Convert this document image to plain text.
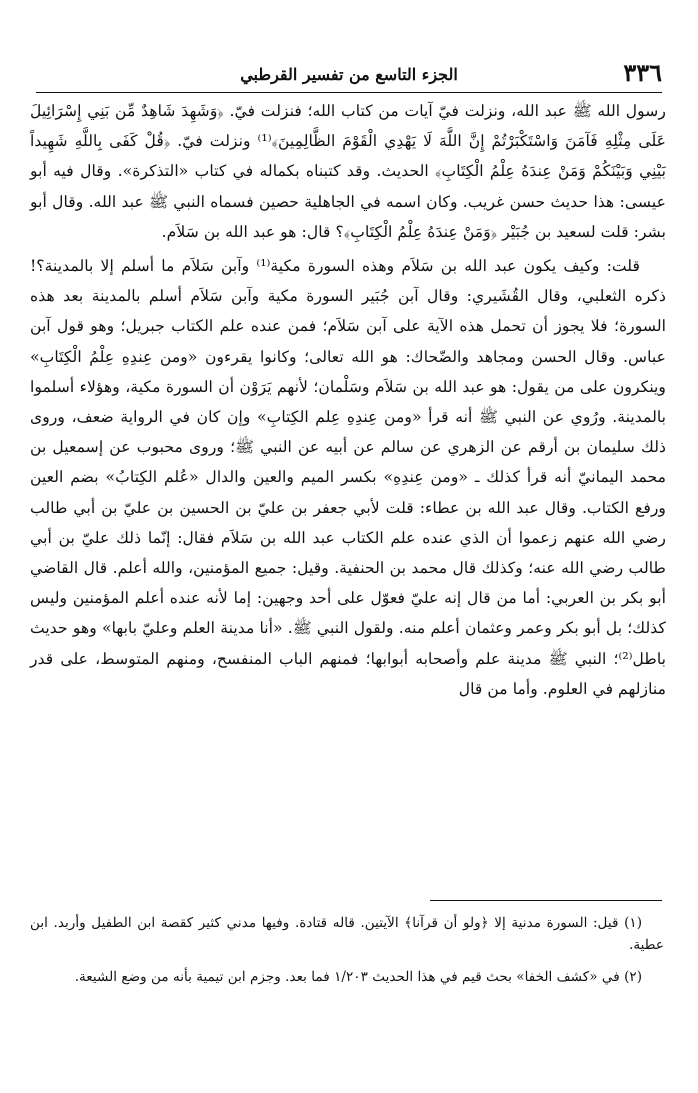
٣٣٦
الجزء التاسع من تفسير القرطبي

رسول الله ﷺ عبد الله، ونزلت فيّ آيات من كتاب الله؛ فنزلت فيّ. ﴿وَشَهِدَ شَاهِدٌ مِّن بَنِي إِسْرَائِيلَ عَلَى مِثْلِهِ فَآمَنَ وَاسْتَكْبَرْتُمْ إِنَّ اللَّهَ لَا يَهْدِي الْقَوْمَ الظَّالِمِينَ﴾⁽¹⁾ ونزلت فيّ. ﴿قُلْ كَفَى بِاللَّهِ شَهِيداً بَيْنِي وَبَيْنَكُمْ وَمَنْ عِندَهُ عِلْمُ الْكِتَابِ﴾ الحديث. وقد كتبناه بكماله في كتاب «التذكرة». وقال فيه أبو عيسى: هذا حديث حسن غريب. وكان اسمه في الجاهلية حصين فسماه النبي ﷺ عبد الله. وقال أبو بشر: قلت لسعيد بن جُبَيْر ﴿وَمَنْ عِندَهُ عِلْمُ الْكِتَابِ﴾؟ قال: هو عبد الله بن سَلاَم.

قلت: وكيف يكون عبد الله بن سَلاَم وهذه السورة مكية⁽¹⁾ وآبن سَلاَم ما أسلم إلا بالمدينة؟! ذكره الثعلبي، وقال القُشَيري: وقال آبن جُبَير السورة مكية وآبن سَلاَم أسلم بالمدينة بعد هذه السورة؛ فلا يجوز أن تحمل هذه الآية على آبن سَلاَم؛ فمن عنده علم الكتاب جبريل؛ وهو قول آبن عباس. وقال الحسن ومجاهد والضّحاك: هو الله تعالى؛ وكانوا يقرءون «ومن عِندِهِ عِلْمُ الْكِتَابِ» وينكرون على من يقول: هو عبد الله بن سَلاَم وسَلْمان؛ لأنهم يَرَوْن أن السورة مكية، وهؤلاء أسلموا بالمدينة. ورُوي عن النبي ﷺ أنه قرأ «ومن عِندِهِ عِلم الكِتابِ» وإن كان في الرواية ضعف، وروى ذلك سليمان بن أرقم عن الزهري عن سالم عن أبيه عن النبي ﷺ؛ وروى محبوب عن إسمعيل بن محمد اليمانيّ أنه قرأ كذلك ـ «ومن عِندِهِ» بكسر الميم والعين والدال «عُلم الكِتابُ» بضم العين ورفع الكتاب. وقال عبد الله بن عطاء: قلت لأبي جعفر بن عليّ بن الحسين بن عليّ بن أبي طالب رضي الله عنهم زعموا أن الذي عنده علم الكتاب عبد الله بن سَلاَم فقال: إنّما ذلك عليّ بن أبي طالب رضي الله عنه؛ وكذلك قال محمد بن الحنفية. وقيل: جميع المؤمنين، والله أعلم. قال القاضي أبو بكر بن العربي: أما من قال إنه عليّ فعوّل على أحد وجهين: إما لأنه عنده أعلم المؤمنين وليس كذلك؛ بل أبو بكر وعمر وعثمان أعلم منه. ولقول النبي ﷺ. «أنا مدينة العلم وعليّ بابها» وهو حديث باطل⁽²⁾؛ النبي ﷺ مدينة علم وأصحابه أبوابها؛ فمنهم الباب المنفسح، ومنهم المتوسط، على قدر منازلهم في العلوم. وأما من قال

(١) قيل: السورة مدنية إلا ﴿ولو أن قرآنا﴾ الآيتين. قاله قتادة. وفيها مدني كثير كقصة ابن الطفيل وأربد. ابن عطية.

(٢) في «كشف الخفا» بحث قيم في هذا الحديث ١/٢٠٣ فما بعد. وجزم ابن تيمية بأنه من وضع الشيعة.
